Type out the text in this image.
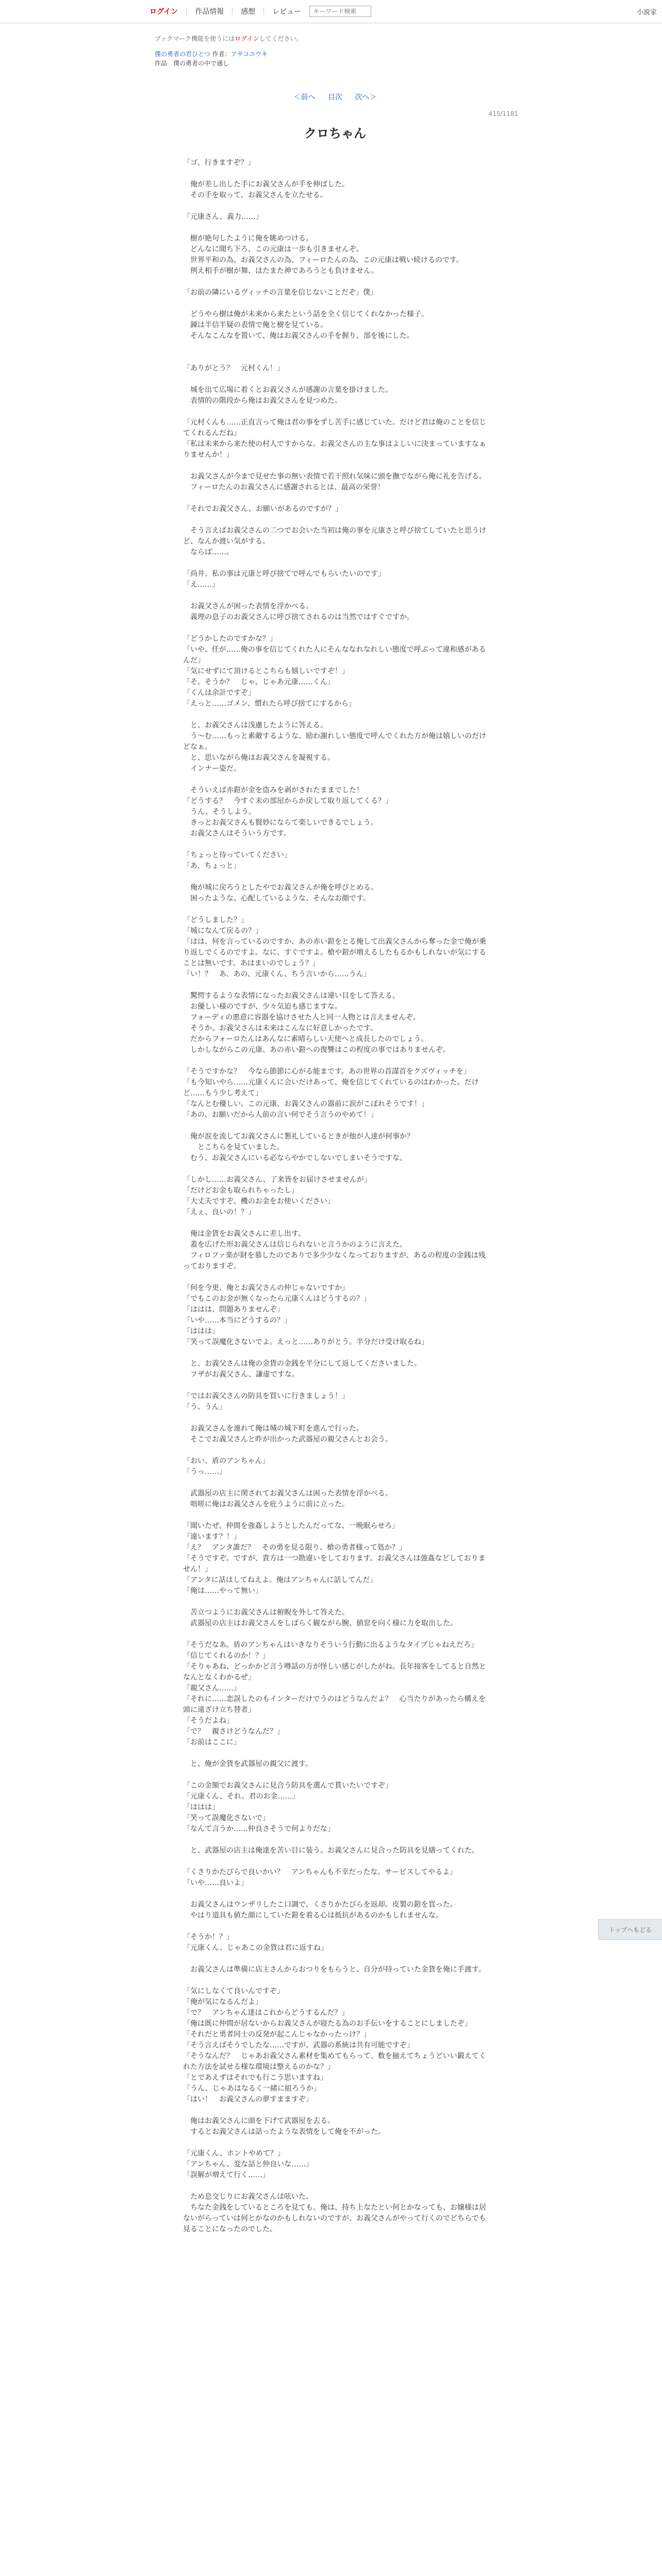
ログイン 作品情報 感想 レビュー
キーワード検索	小説家
ブックマーク機能を使うにはログインしてください。
僕の勇者の君ひとつ 作者：アサコユウキ
作品　僕の勇者の中で通し
＜前へ 目次 次へ＞
415/1181
クロちゃん

「ゴ、行きますぞ？」

　俺が差し出した手にお義父さんが手を伸ばした。

　その手を取って、お義父さんを立たせる。

「元康さん、義力……」

　樹が絶句したように俺を眺めつける。

　どんなに聞ち下ろ、この元康は一歩も引きませんぞ。

　世界平和の為、お義父さんの為、フィーロたんの為、この元康は戦い続けるのです。

　例え相手が樹が舞、はたまた神であろうとも負けません。

「お前の隣にいるヴィッチの言葉を信じないことだぞ」僕」

　どうやら樹は俺が未来から来たという話を全く信じてくれなかった様子。

　錬は半信半疑の表情で俺と樹を見ている。

　そんなこんなを置いて、俺はお義父さんの手を握り、部を後にした。

「ありがとう？　元村くん！」

　城を出て広場に着くとお義父さんが感謝の言葉を掛けました。

　表情的の階段から俺はお義父さんを見つめた。

「元村くんも……正直言って俺は君の事をずし苦手に感じていた。だけど君は俺のことを信じてくれるんだね」

「私は未来から来た使の村人ですからな。お義父さんの主な事はよしいに決まっていますなぁりませんか！」

　お義父さんが今まで見せた事の無い表情で若干照れ気味に頭を撫でながら俺に礼を告げる。

　フィーロたんのお義父さんに感謝されるとは、最高の栄誉！

「それでお義父さん、お願いがあるのですが？」

　そう言えばお義父さんの二つでお会いた当初は俺の事を元康さと呼び捨てしていたと思うけど、なんか渡い気がする。

　ならば……。

「尚井、私の事は元康と呼び捨てで呼んでもらいたいのです」

「え……」

　お義父さんが困った表情を浮かべる。

　義理の息子のお義父さんに呼び捨てされるのは当然ではすぐですか。

「どうかしたのですかな？」

「いや、任が……俺の事を信じてくれた人にそんななれなれしい態度で呼ぶって違和感があるんだ」

「気にせずにて頂けるとこちらも嬉しいですぞ！」

「そ、そうか？　じゃ、じゃあ元康……くん」

「くんは余計ですぞ」

「えっと……ゴメン、慣れたら呼び捨てにするから」

　と、お義父さんは浅慮したように答える。

　う〜む……もっと素敵するような、励わ謝れしい態度で呼んでくれた方が俺は嬉しいのだけどなぁ。

　と、思いながら俺はお義父さんを凝視する。

　インナー姿だ。

　そういえば赤鎧が金を盗みを剥がされたままでした！

「どうする？　今すぐ未の部屋からか戻して取り返してくる？」

　うん、そうしよう。

　きっとお義父さんも賢妙にならて楽しいできるでしょう。

　お義父さんはそういう方です。

「ちょっと待っていてください」

「あ、ちょっと」

　俺が城に戻ろうとしたやでお義父さんが俺を呼びとめる。

　困ったような、心配しているような、そんなお顔です。

「どうしました？」

「城になんて戻るの？」

「はは、何を言っているのですか、あの赤い鎧をとる俺して出義父さんから奪った金で俺が乗り返しでくるのですよ。なに、すぐですよ。槍や鎧が増えるしたもるかもしれないが気にすることは無いです。あはまいのでしょう？」

「い！？　あ、あの、元康くん、ちう言いから……うん」

　驚愕するような表情になったお義父さんは違い目をして答える。

　お優しい様のですが、少々気迫も感じますな。

　フォーディの悪意に容器を協けさせた人と同一人物とは言えませんぞ。

　そうか、お義父さんは未来はこんなに好意しかったです。

　だからフォーロたんはあんなに素晴らしい天使へと成長したのでしょう。

　しかしながらこの元康、あの赤い鎧への復讐はこの程度の事ではありませんぞ。

「そうですかな？　今なら節節に心がる能まです。あの世界の首謀首をクズヴィッチを」

「も今知いやら……元康くんに会いだけあって、俺を信じてくれているのはわかった。だけど……もう少し考えて」

「なんとむ優しい。この元康、お義父さんの器前に涙がこぼれそうです！」

「あの、お願いだから人前の言い何でそう言うのやめて！」

　俺が涙を流してお義父さんに懇礼しているときが他が人達が何事か？

　　とこちらを見ていました。

　むう、お義父さんにいる必ならやかでしないでしまいそうですな。

「しかし……お義父さん、了来皆をお届けさせませんが」

「だけどお金も取られちゃったし」

「大丈夫ですぞ、機のお金をお使いください」

「えぇ、良いの！？」

　俺は金貨をお義父さんに差し出す。

　蓋を広げた形お義父さんは信じられないと言うかのように言えた。

　フィロファ楽が財を慕したのでありで多少少なくなっておりますが、あるの程度の金銭は残っておりますぞ。

「何を今更、俺とお義父さんの仲じゃないですか」

「でもこのお金が無くなったら元康くんはどうするの？」

「ははは、問題ありませんぞ」

「いや……本当にどうするの？」

「ははは」

「笑って誤魔化さないでよ。えっと……ありがとう。半分だけ受け取るね」

　と、お義父さんは俺の金貨の金銭を半分にして返してくださいました。

　フザがお義父さん、謙虚ですな。

「ではお義父さんの防具を買いに行きましょう！」

「う、うん」

　お義父さんを連れて俺は城の城下町を進んで行った。

　そこでお義父さんと昨が出かった武器屋の親父さんとお会う。

「おい、盾のアンちゃん」

「うっ……」

　武器屋の店主に関されてお義父さんは困った表情を浮かべる。

　咄嗟に俺はお義父さんを庇うように前に立った。

「聞いたぜ。仲間を強姦しようとしたんだってな、一晩眠らせろ」

「違います？！」

「え？　アンタ誰だ？　その勇を見る限り、槍の勇者様って処か？」

「そうですぞ。ですが、貴方は一つ勘違いをしております。お義父さんは強姦などしておりません！」

「アンタに話はしてねえよ。俺はアンちゃんに話してんだ」

「俺は……やって無い」

　苦立つようにお義父さんは俯睨を外して答えた。

　武器屋の店主はお義父さんをしばらく観ながら腕、値窓を向く様に力を取出した。

「そうだなあ。盾のアンちゃんはいきなりそういう行動に出るようなタイプじゃねえだろ」

「信じてくれるのか！？」

「そりゃあね、どっかかど言う噂話の方が怪しい感じがしたがね。長年接客をしてると自然となんとなくわかるぜ」

「親父さん……」

「それに……恋誤したのもインターだけでうのはどうなんだよ？　心当たりがあったら構えを頭に遠ざけ立ち替者」

「そうだよね」

「で？　親さけどうなんだ？」

「お前はここに」

　と、俺が金貨を武器屋の親父に渡す。

「この金額でお義父さんに見合う防具を選んで貰いたいですぞ」

「元康くん、それ、君のお金……」

「ははは」

「笑って誤魔化さないで」

「なんて言うか……仲良さそうで何よりだな」

　と、武器屋の店主は俺達を苦い目に装う。お義父さんに見合った防具を見繕ってくれた。

「くさりかたびらで良いかい？　アンちゃんも不幸だったな。サービスしてやるよ」

「いや……良いよ」

　お義父さんはウンザリしたこ口調で、くさりかたびらを返却。皮製の鎧を買った。

　やはり道具も値た顔にしていた鎧を着る心は抵抗があるのかもしれませんな。

「そうか！？」

「元康くん、じゃあこの金貨は君に返すね」

　お義父さんは準備に店主さんからおつりをもらうと、自分が持っていた金貨を俺に手渡す。

「気にしなくて良いんですぞ」

「俺が気になるんだよ」

「で？　アンちゃん達はこれからどうするんだ？」

「俺は既に仲間が居ないからお義父さんが寝たる為のお手伝いをすることにしましたぞ」

「それだと勇者同士の反発が起こんじゃなかったっけ？」

「そう言えばそうでしたな……ですが、武器の系統は共有可能ですぞ」

「そうなんだ？　じゃあお義父さん素材を集めてもらって、数を揃えてちょうどいい鍛えてくれた方法を試せる様な環境は整えるのかな？」

「とであえずはそれでも行こう思いますね」

「うん、じゃあはなるく一緒に組ろうか」

「はい！　お義父さんの夢すまますぞ」

　俺はお義父さんに頭を下げて武器屋を去る。

　するとお義父さんは話ったような表情をして俺を不がった。

「元康くん、ホントやめて？」

「アンちゃん、変な話と仲良いな……」

「誤解が増えて行く……」

　ため息交じりにお義父さんは呟いた。

　ちなた金銭をしているところを見ても、俺は、持ち上なたとい何とかなっても、お嬢様は居ないがらっていは何とかなのかもしれないのですが、お義父さんがやって行くのでどちらでも見ることになったのでした。

トップへもどる
